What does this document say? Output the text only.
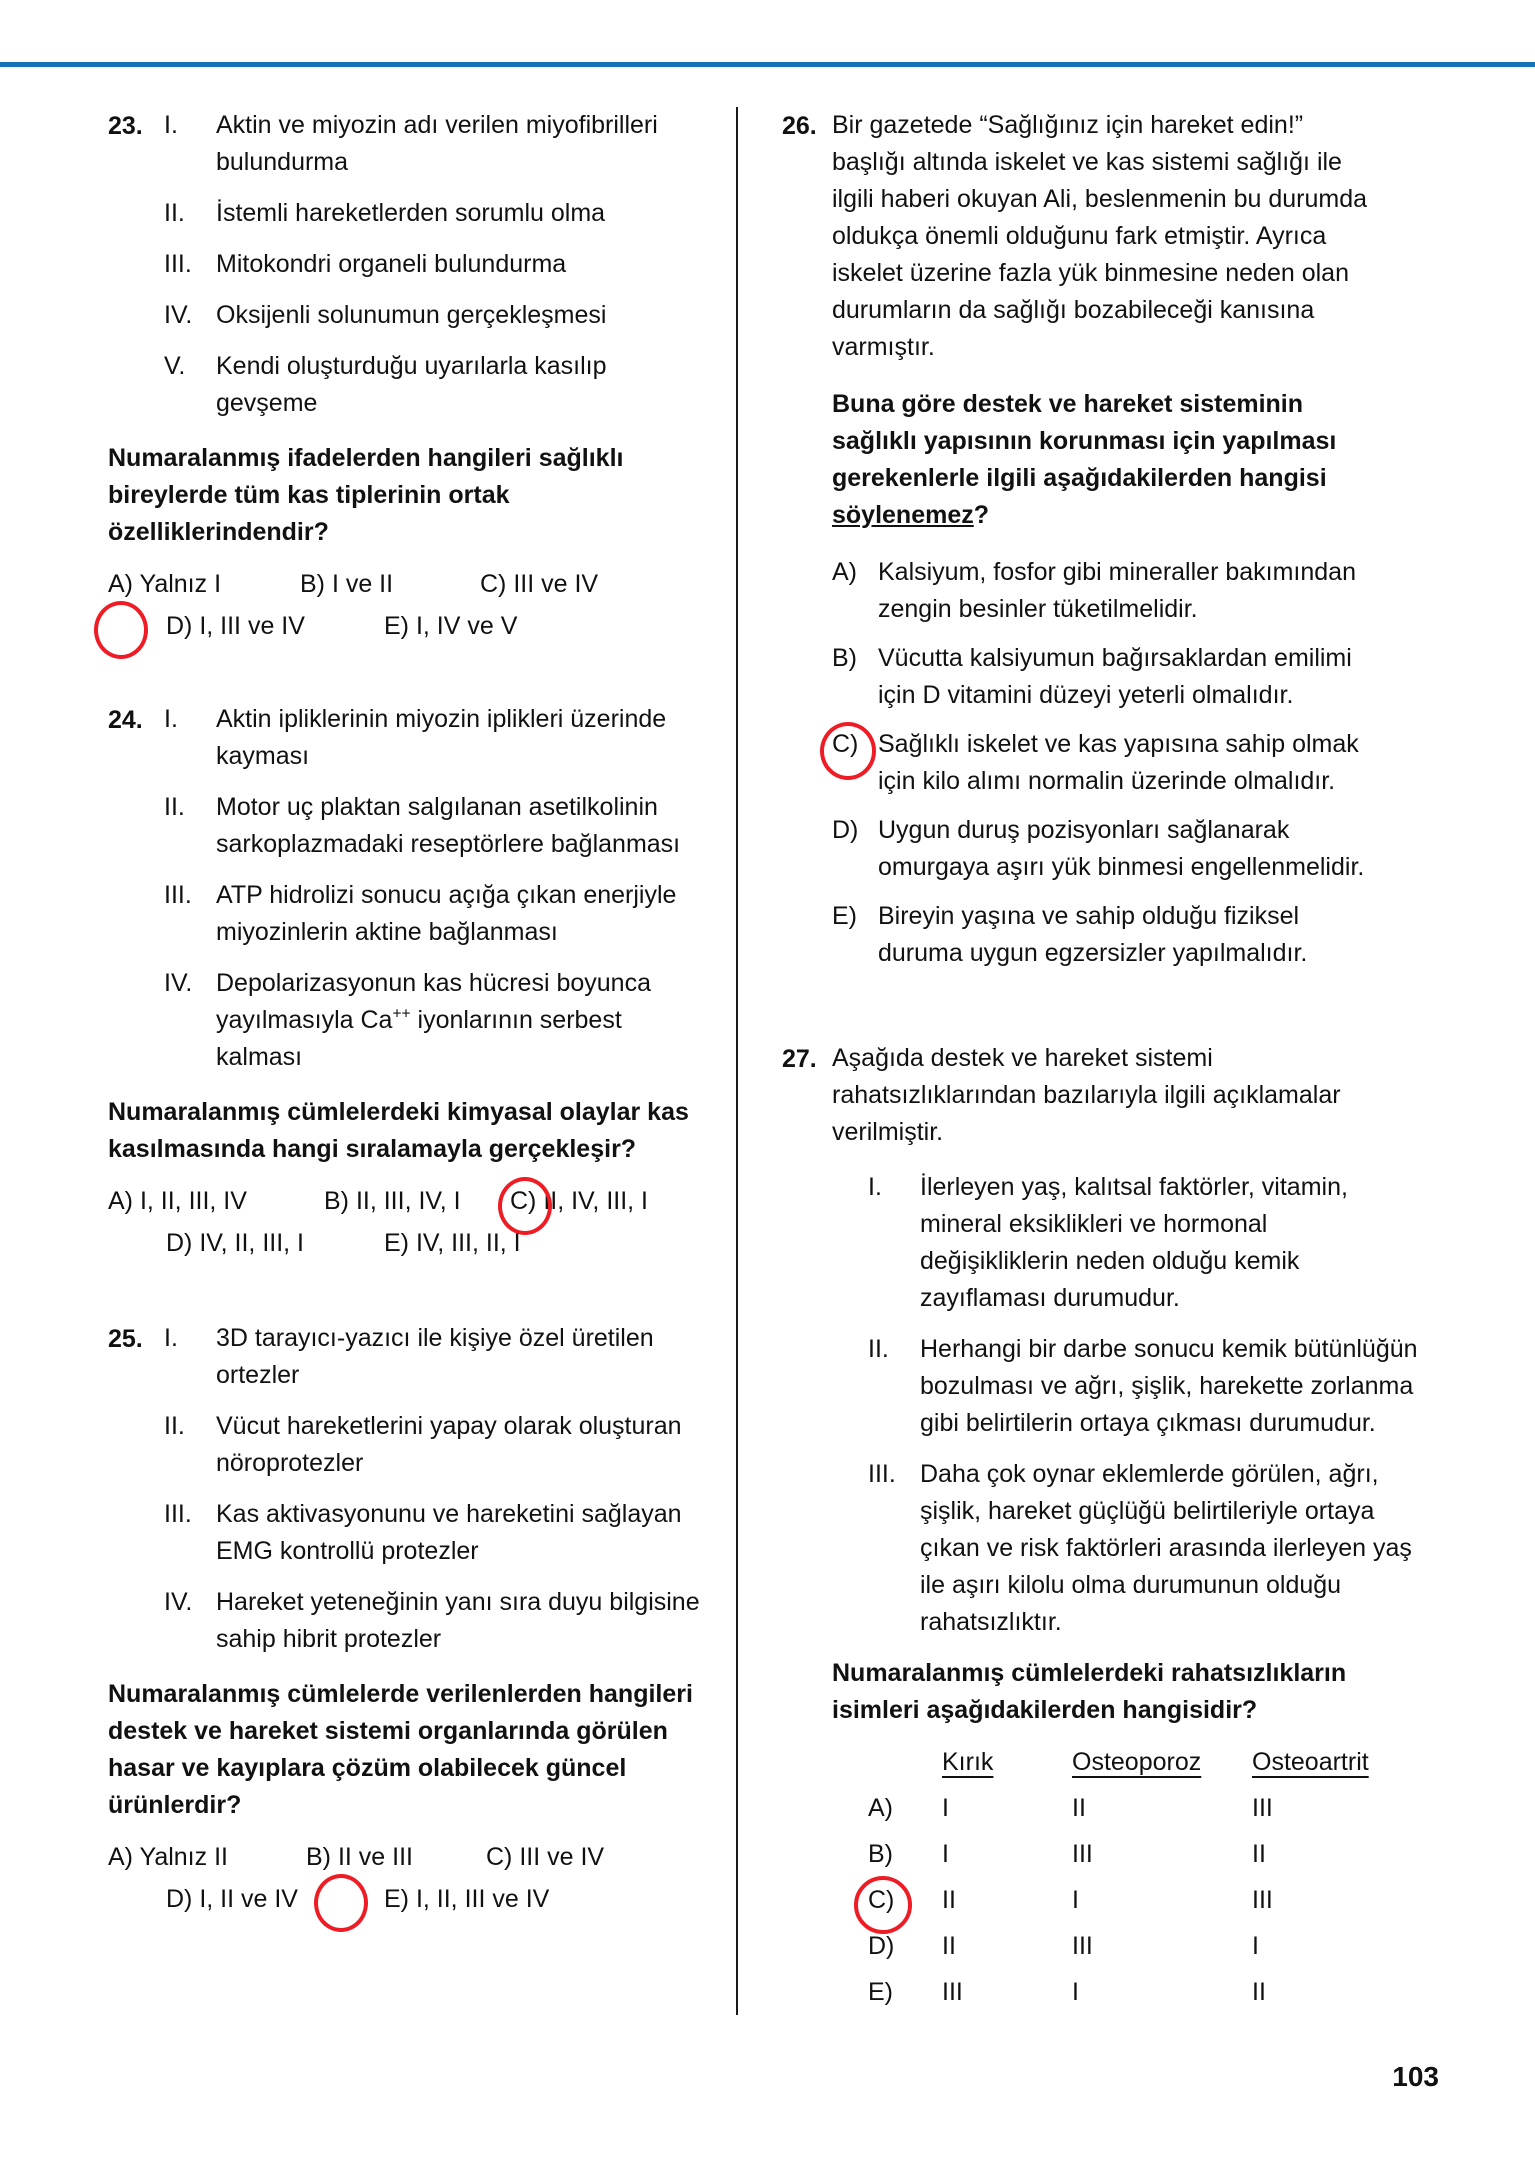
23. I.	Aktin ve miyozin adı verilen miyofibrilleri bulundurma
II.	İstemli hareketlerden sorumlu olma
III. Mitokondri organeli bulundurma
IV. Oksijenli solunumun gerçekleşmesi
V.	Kendi oluşturduğu uyarılarla kasılıp gevşeme
Numaralanmış ifadelerden hangileri sağlıklı bireylerde tüm kas tiplerinin ortak özelliklerindendir?
A) Yalnız I	B) I ve II	C) III ve IV
D) I, III ve IV	E) I, IV ve V
24. I.	Aktin ipliklerinin miyozin iplikleri üzerinde kayması
II.	Motor uç plaktan salgılanan asetilkolinin sarkoplazmadaki reseptörlere bağlanması
III. ATP hidrolizi sonucu açığa çıkan enerjiyle miyozinlerin aktine bağlanması
IV. Depolarizasyonun kas hücresi boyunca yayılmasıyla Ca++ iyonlarının serbest kalması
Numaralanmış cümlelerdeki kimyasal olaylar kas kasılmasında hangi sıralamayla gerçekleşir?
A) I, II, III, IV	B) II, III, IV, I	C) II, IV, III, I
D) IV, II, III, I	E) IV, III, II, I
25. I.	3D tarayıcı-yazıcı ile kişiye özel üretilen ortezler
II.	Vücut hareketlerini yapay olarak oluşturan nöroprotezler
III. Kas aktivasyonunu ve hareketini sağlayan EMG kontrollü protezler
IV. Hareket yeteneğinin yanı sıra duyu bilgisine sahip hibrit protezler
Numaralanmış cümlelerde verilenlerden hangileri destek ve hareket sistemi organlarında görülen hasar ve kayıplara çözüm olabilecek güncel ürünlerdir?
A) Yalnız II	B) II ve III	C) III ve IV
D) I, II ve IV	E) I, II, III ve IV
26. Bir gazetede “Sağlığınız için hareket edin!” başlığı altında iskelet ve kas sistemi sağlığı ile ilgili haberi okuyan Ali, beslenmenin bu durumda oldukça önemli olduğunu fark etmiştir. Ayrıca iskelet üzerine fazla yük binmesine neden olan durumların da sağlığı bozabileceği kanısına varmıştır.
Buna göre destek ve hareket sisteminin sağlıklı yapısının korunması için yapılması gerekenlerle ilgili aşağıdakilerden hangisi söylenemez?
A) Kalsiyum, fosfor gibi mineraller bakımından zengin besinler tüketilmelidir.
B) Vücutta kalsiyumun bağırsaklardan emilimi için D vitamini düzeyi yeterli olmalıdır.
C) Sağlıklı iskelet ve kas yapısına sahip olmak için kilo alımı normalin üzerinde olmalıdır.
D) Uygun duruş pozisyonları sağlanarak omurgaya aşırı yük binmesi engellenmelidir.
E) Bireyin yaşına ve sahip olduğu fiziksel duruma uygun egzersizler yapılmalıdır.
27. Aşağıda destek ve hareket sistemi rahatsızlıklarından bazılarıyla ilgili açıklamalar verilmiştir.
I.	İlerleyen yaş, kalıtsal faktörler, vitamin, mineral eksiklikleri ve hormonal değişikliklerin neden olduğu kemik zayıflaması durumudur.
II.	Herhangi bir darbe sonucu kemik bütünlüğün bozulması ve ağrı, şişlik, harekette zorlanma gibi belirtilerin ortaya çıkması durumudur.
III. Daha çok oynar eklemlerde görülen, ağrı, şişlik, hareket güçlüğü belirtileriyle ortaya çıkan ve risk faktörleri arasında ilerleyen yaş ile aşırı kilolu olma durumunun olduğu rahatsızlıktır.
Numaralanmış cümlelerdeki rahatsızlıkların isimleri aşağıdakilerden hangisidir?
Kırık	Osteoporoz	Osteoartrit
A)	I	II	III
B)	I	III	II
C)	II	I	III
D)	II	III	I
E)	III	I	II
103
